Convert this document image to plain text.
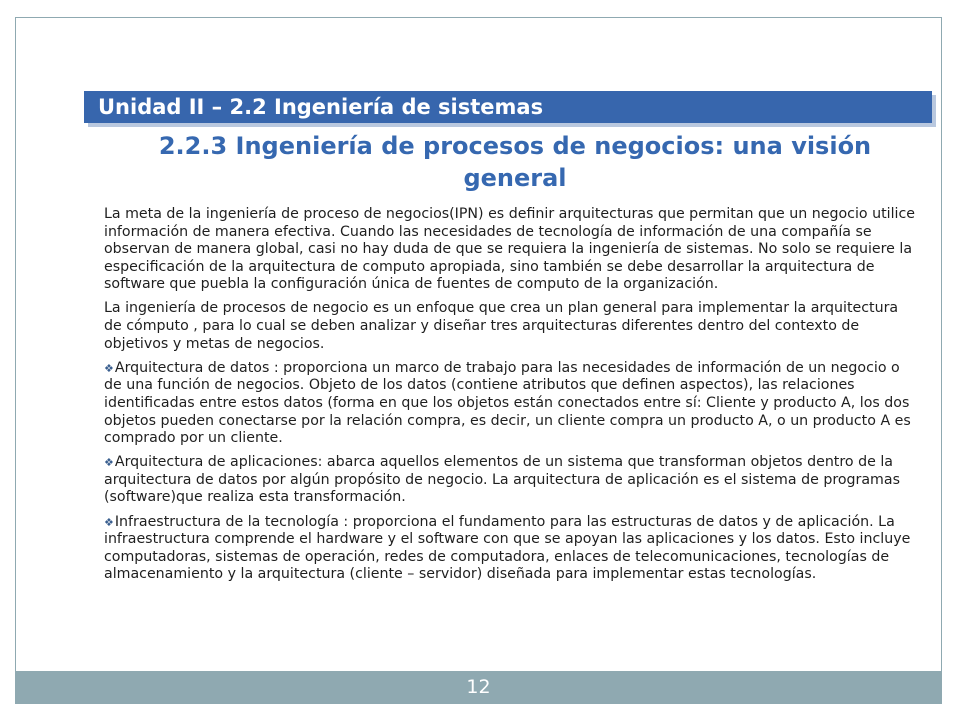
Unidad II – 2.2 Ingeniería de sistemas
2.2.3 Ingeniería de procesos de negocios: una visión general

La meta de la ingeniería de proceso de negocios(IPN) es definir arquitecturas que permitan que un negocio utilice información de manera efectiva. Cuando las necesidades de tecnología de información de una compañía se observan de manera global, casi no hay duda de que se requiera la ingeniería de sistemas. No solo se requiere la especificación de la arquitectura de computo apropiada, sino también se debe desarrollar la arquitectura de software que puebla la configuración única de fuentes de computo de la organización.

La ingeniería de procesos de negocio es un enfoque que crea un plan general para implementar la arquitectura de cómputo , para lo cual se deben analizar y diseñar tres arquitecturas diferentes dentro del contexto de objetivos y metas de negocios.

❖Arquitectura de datos : proporciona un marco de trabajo para las necesidades de información de un negocio o de una función de negocios. Objeto de los datos (contiene atributos que definen aspectos), las relaciones identificadas entre estos datos (forma en que los objetos están conectados entre sí: Cliente y producto A, los dos objetos pueden conectarse por la relación compra, es decir, un cliente compra un producto A, o un producto A es comprado por un cliente.

❖Arquitectura de aplicaciones: abarca aquellos elementos de un sistema que transforman objetos dentro de la arquitectura de datos por algún propósito de negocio. La arquitectura de aplicación es el sistema de programas (software)que realiza esta transformación.

❖Infraestructura de la tecnología : proporciona el fundamento para las estructuras de datos y de aplicación. La infraestructura comprende el hardware y el software con que se apoyan las aplicaciones y los datos. Esto incluye computadoras, sistemas de operación, redes de computadora, enlaces de telecomunicaciones, tecnologías de almacenamiento y la arquitectura (cliente – servidor) diseñada para implementar estas tecnologías.

12
